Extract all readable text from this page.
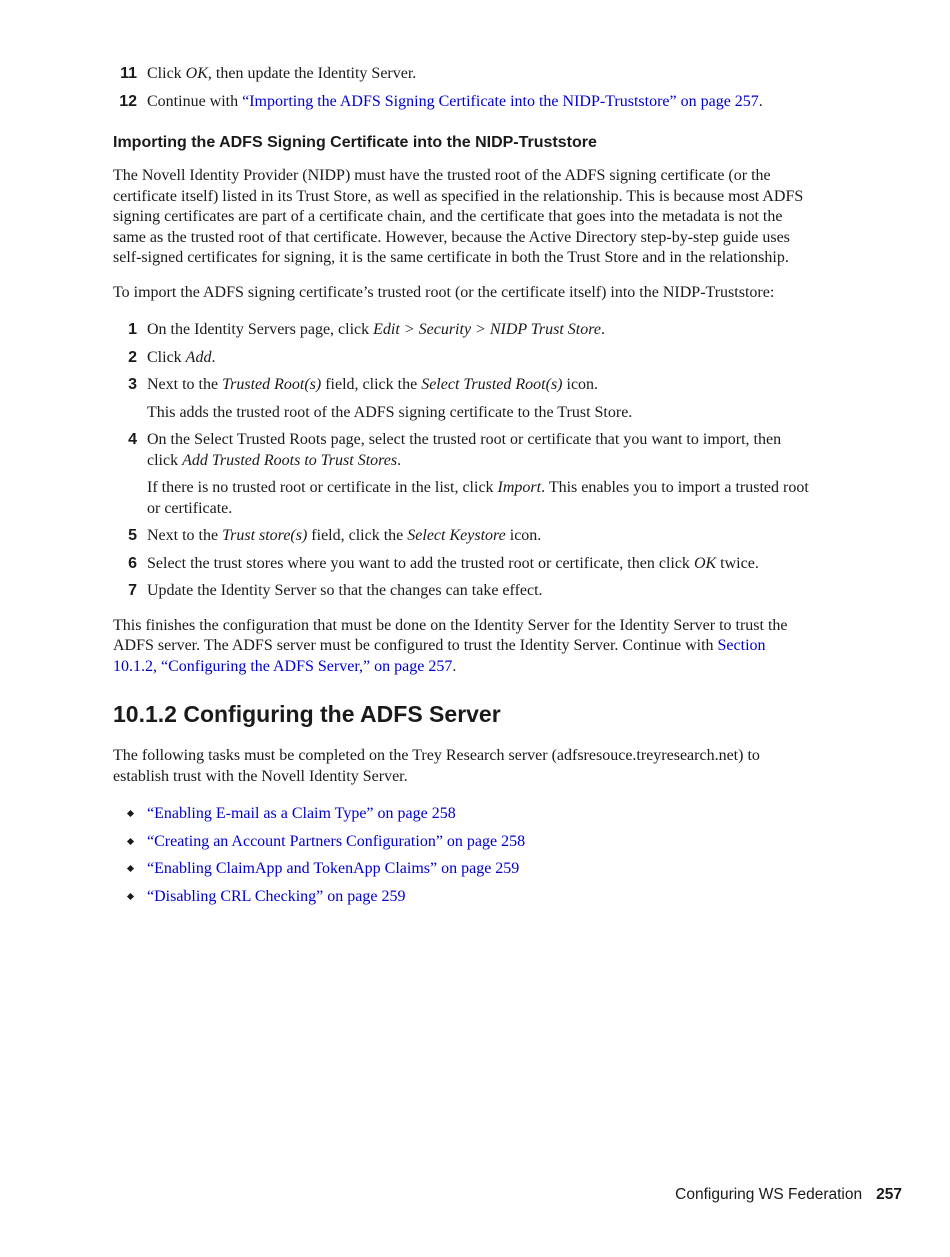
11 Click OK, then update the Identity Server.
12 Continue with “Importing the ADFS Signing Certificate into the NIDP-Truststore” on page 257.
Importing the ADFS Signing Certificate into the NIDP-Truststore

The Novell Identity Provider (NIDP) must have the trusted root of the ADFS signing certificate (or the certificate itself) listed in its Trust Store, as well as specified in the relationship. This is because most ADFS signing certificates are part of a certificate chain, and the certificate that goes into the metadata is not the same as the trusted root of that certificate. However, because the Active Directory step-by-step guide uses self-signed certificates for signing, it is the same certificate in both the Trust Store and in the relationship.

To import the ADFS signing certificate’s trusted root (or the certificate itself) into the NIDP-Truststore:

1 On the Identity Servers page, click Edit > Security > NIDP Trust Store.
2 Click Add.
3 Next to the Trusted Root(s) field, click the Select Trusted Root(s) icon.
This adds the trusted root of the ADFS signing certificate to the Trust Store.
4 On the Select Trusted Roots page, select the trusted root or certificate that you want to import, then click Add Trusted Roots to Trust Stores.
If there is no trusted root or certificate in the list, click Import. This enables you to import a trusted root or certificate.
5 Next to the Trust store(s) field, click the Select Keystore icon.
6 Select the trust stores where you want to add the trusted root or certificate, then click OK twice.
7 Update the Identity Server so that the changes can take effect.

This finishes the configuration that must be done on the Identity Server for the Identity Server to trust the ADFS server. The ADFS server must be configured to trust the Identity Server. Continue with Section 10.1.2, “Configuring the ADFS Server,” on page 257.

10.1.2 Configuring the ADFS Server

The following tasks must be completed on the Trey Research server (adfsresouce.treyresearch.net) to establish trust with the Novell Identity Server.

“Enabling E-mail as a Claim Type” on page 258
“Creating an Account Partners Configuration” on page 258
“Enabling ClaimApp and TokenApp Claims” on page 259
“Disabling CRL Checking” on page 259
Configuring WS Federation 257
